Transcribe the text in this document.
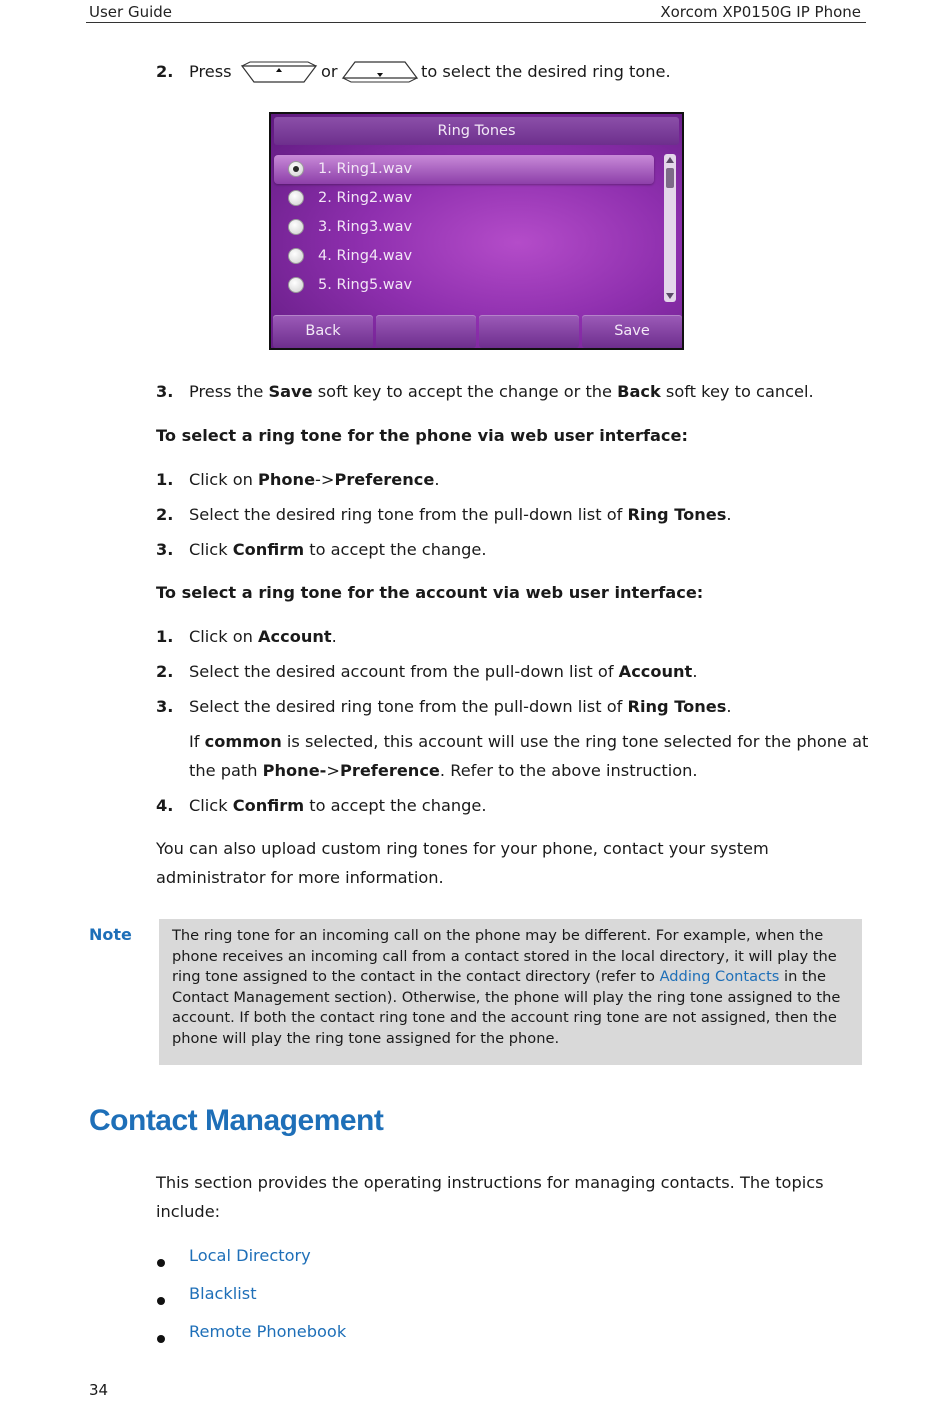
User Guide	Xorcom XP0150G IP Phone
2. Press	or	to select the desired ring tone.
Ring Tones
1. Ring1.wav
2. Ring2.wav
3. Ring3.wav
4. Ring4.wav
5. Ring5.wav
Back	Save
3. Press the Save soft key to accept the change or the Back soft key to cancel.
To select a ring tone for the phone via web user interface:
1. Click on Phone->Preference.
2. Select the desired ring tone from the pull-down list of Ring Tones.
3. Click Confirm to accept the change.
To select a ring tone for the account via web user interface:
1. Click on Account.
2. Select the desired account from the pull-down list of Account.
3. Select the desired ring tone from the pull-down list of Ring Tones.
If common is selected, this account will use the ring tone selected for the phone at
the path Phone->Preference. Refer to the above instruction.
4. Click Confirm to accept the change.
You can also upload custom ring tones for your phone, contact your system
administrator for more information.
Note	The ring tone for an incoming call on the phone may be different. For example, when the phone receives an incoming call from a contact stored in the local directory, it will play the ring tone assigned to the contact in the contact directory (refer to Adding Contacts in the Contact Management section). Otherwise, the phone will play the ring tone assigned to the account. If both the contact ring tone and the account ring tone are not assigned, then the phone will play the ring tone assigned for the phone.
Contact Management
This section provides the operating instructions for managing contacts. The topics
include:
Local Directory
Blacklist
Remote Phonebook
34
